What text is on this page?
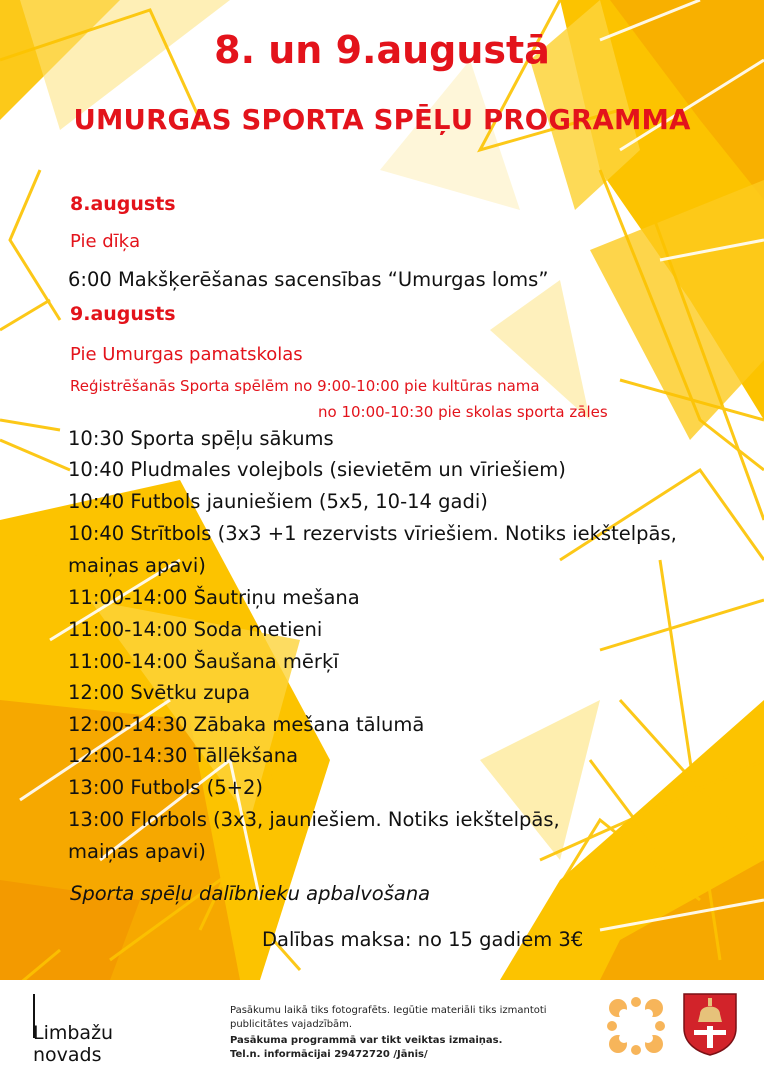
8. un 9.augustā
UMURGAS SPORTA SPĒĻU PROGRAMMA
8.augusts
Pie dīķa
6:00 Makšķerēšanas sacensības “Umurgas loms”
9.augusts
Pie Umurgas pamatskolas
Reģistrēšanās Sporta spēlēm no 9:00-10:00 pie kultūras nama
no 10:00-10:30 pie skolas sporta zāles
10:30 Sporta spēļu sākums
10:40 Pludmales volejbols (sievietēm un vīriešiem)
10:40 Futbols jauniešiem (5x5, 10-14 gadi)
10:40 Strītbols (3x3 +1 rezervists vīriešiem. Notiks iekštelpās,
maiņas apavi)
11:00-14:00 Šautriņu mešana
11:00-14:00 Soda metieni
11:00-14:00 Šaušana mērķī
12:00 Svētku zupa
12:00-14:30 Zābaka mešana tālumā
12:00-14:30 Tāllēkšana
13:00 Futbols (5+2)
13:00 Florbols (3x3, jauniešiem. Notiks iekštelpās,
maiņas apavi)
Sporta spēļu dalībnieku apbalvošana
Dalības maksa: no 15 gadiem 3€
Limbažu
novads
Pasākumu laikā tiks fotografēts. Iegūtie materiāli tiks izmantoti
publicitātes vajadzībām.
Pasākuma programmā var tikt veiktas izmaiņas.
Tel.n. informācijai 29472720 /Jānis/
